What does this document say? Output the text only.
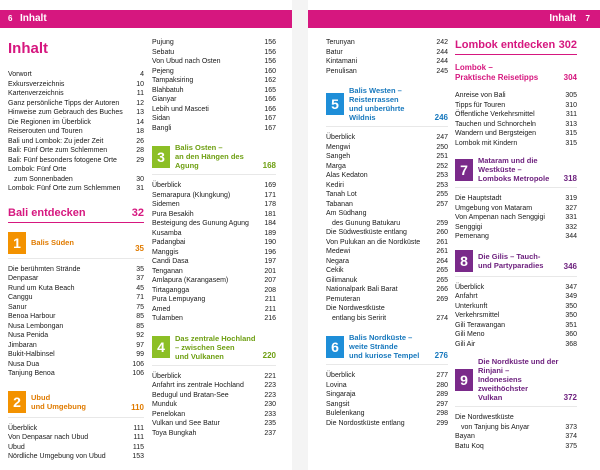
6 Inhalt	Inhalt 7
Inhalt
Vorwort	4
Exkursverzeichnis	10
Kartenverzeichnis	11
Ganz persönliche Tipps der Autoren 12
Hinweise zum Gebrauch des Buches 13
Die Regionen im Überblick	14
Reiserouten und Touren	18
Bali und Lombok: Zu jeder Zeit	26
Bali: Fünf Orte zum Schlemmen	28
Bali: Fünf besonders fotogene Orte	29
Lombok: Fünf Orte
zum Sonnenbaden	30
Lombok: Fünf Orte zum Schlemmen 31
Bali entdecken	32
1	Balis Süden
35
Die berühmten Strände	35
Denpasar	37
Rund um Kuta Beach	45
Canggu	71
Sanur	75
Benoa Harbour	85
Nusa Lembongan	85
Nusa Penida	92
Jimbaran	97
Bukit-Halbinsel	99
Nusa Dua	106
Tanjung Benoa	106
2	Ubud
und Umgebung	110
Überblick	111
Von Denpasar nach Ubud	111
Ubud	115
Nördliche Umgebung von Ubud	153
Pujung	156
Sebatu	156
Von Ubud nach Osten	156
Pejeng	160
Tampaksiring	162
Blahbatuh	165
Gianyar	166
Lebih und Masceti	166
Sidan	167
Bangli	167
3
Balis Osten –
an den Hängen des Agung	168
Überblick	169
Semarapura (Klungkung)	171
Sidemen	178
Pura Besakih	181
Besteigung des Gunung Agung 184
Kusamba	189
Padangbai	190
Manggis	196
Candi Dasa	197
Tenganan	201
Amlapura (Karangasem)	207
Tirtagangga	208
Pura Lempuyang	211
Amed	211
Tulamben	216
4
Das zentrale Hochland
– zwischen Seen
und Vulkanen	220
Überblick	221
Anfahrt ins zentrale Hochland	223
Bedugul und Bratan-See	223
Munduk	230
Penelokan	233
Vulkan und See Batur	235
Toya Bungkah	237
Terunyan	242
Batur	244
Kintamani	244
Penulisan	245
5
Balis Westen – Reisterrassen
und unberührte Wildnis	246
Überblick	247
Mengwi	250
Sangeh	251
Marga	252
Alas Kedaton	253
Kediri	253
Tanah Lot	255
Tabanan	257
Am Südhang
des Gunung Batukaru	259
Die Südwestküste entlang	260
Von Pulukan an die Nordküste 261
Medewi	261
Negara	264
Cekik	265
Gilimanuk	265
Nationalpark Bali Barat	266
Pemuteran	269
Die Nordwestküste
entlang bis Seririt	274
6
Balis Nordküste –
weite Strände
und kuriose Tempel	276
Überblick	277
Lovina	280
Singaraja	289
Sangsit	297
Bulelenkang	298
Die Nordostküste entlang	299
Lombok entdecken 302
Lombok –
Praktische Reisetipps	304
Anreise von Bali	305
Tipps für Touren	310
Öffentliche Verkehrsmittel	311
Tauchen und Schnorcheln	313
Wandern und Bergsteigen	315
Lombok mit Kindern	315
7
Mataram und die Westküste –
Lomboks Metropole	318
Die Hauptstadt	319
Umgebung von Mataram	327
Von Ampenan nach Senggigi	331
Senggigi	332
Pemenang	344
8	Die Gilis – Tauch-
und Partyparadies	346
Überblick	347
Anfahrt	349
Unterkunft	350
Verkehrsmittel	350
Gili Terawangan	351
Gili Meno	360
Gili Air	368
9
Die Nordküste und der Rinjani –
Indonesiens zweithöchster
Vulkan	372
Die Nordwestküste
von Tanjung bis Anyar	373
Bayan	374
Batu Koq	375
